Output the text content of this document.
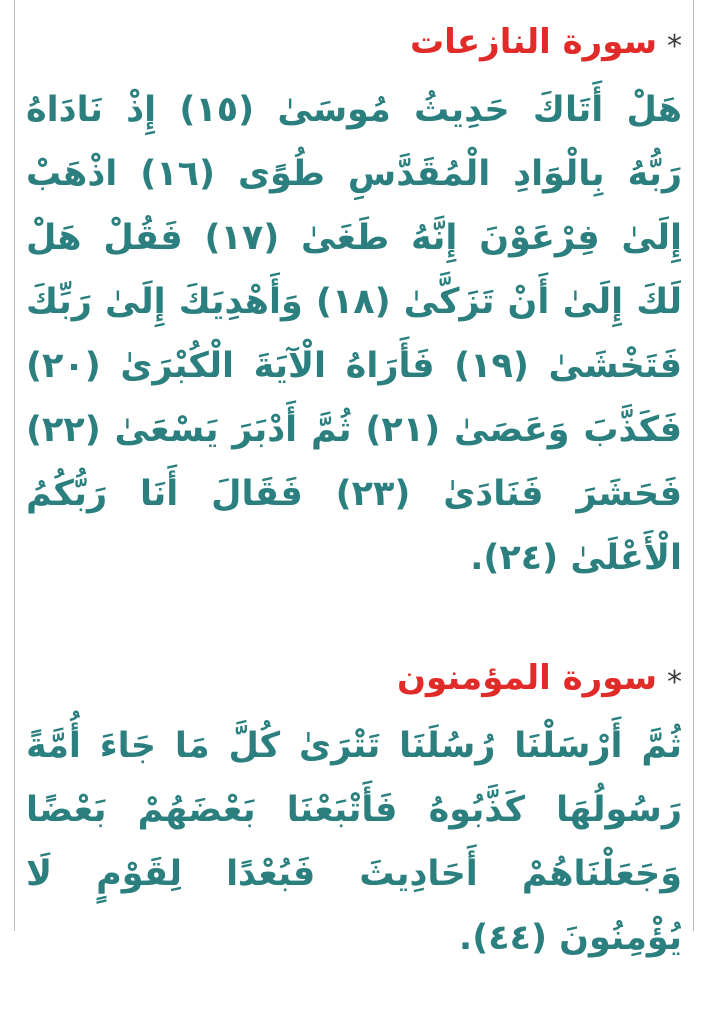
*
سورة النازعات

هَلْ أَتَاكَ حَدِيثُ مُوسَىٰ (١٥) إِذْ نَادَاهُ رَبُّهُ بِالْوَادِ الْمُقَدَّسِ طُوًى (١٦) اذْهَبْ إِلَىٰ فِرْعَوْنَ إِنَّهُ طَغَىٰ (١٧) فَقُلْ هَلْ لَكَ إِلَىٰ أَنْ تَزَكَّىٰ (١٨) وَأَهْدِيَكَ إِلَىٰ رَبِّكَ فَتَخْشَىٰ (١٩) فَأَرَاهُ الْآيَةَ الْكُبْرَىٰ (٢٠) فَكَذَّبَ وَعَصَىٰ (٢١) ثُمَّ أَدْبَرَ يَسْعَىٰ (٢٢) فَحَشَرَ فَنَادَىٰ (٢٣) فَقَالَ أَنَا رَبُّكُمُ الْأَعْلَىٰ (٢٤).

*
سورة المؤمنون

ثُمَّ أَرْسَلْنَا رُسُلَنَا تَتْرَىٰ كُلَّ مَا جَاءَ أُمَّةً رَسُولُهَا كَذَّبُوهُ فَأَتْبَعْنَا بَعْضَهُمْ بَعْضًا وَجَعَلْنَاهُمْ أَحَادِيثَ فَبُعْدًا لِقَوْمٍ لَا يُؤْمِنُونَ (٤٤).
